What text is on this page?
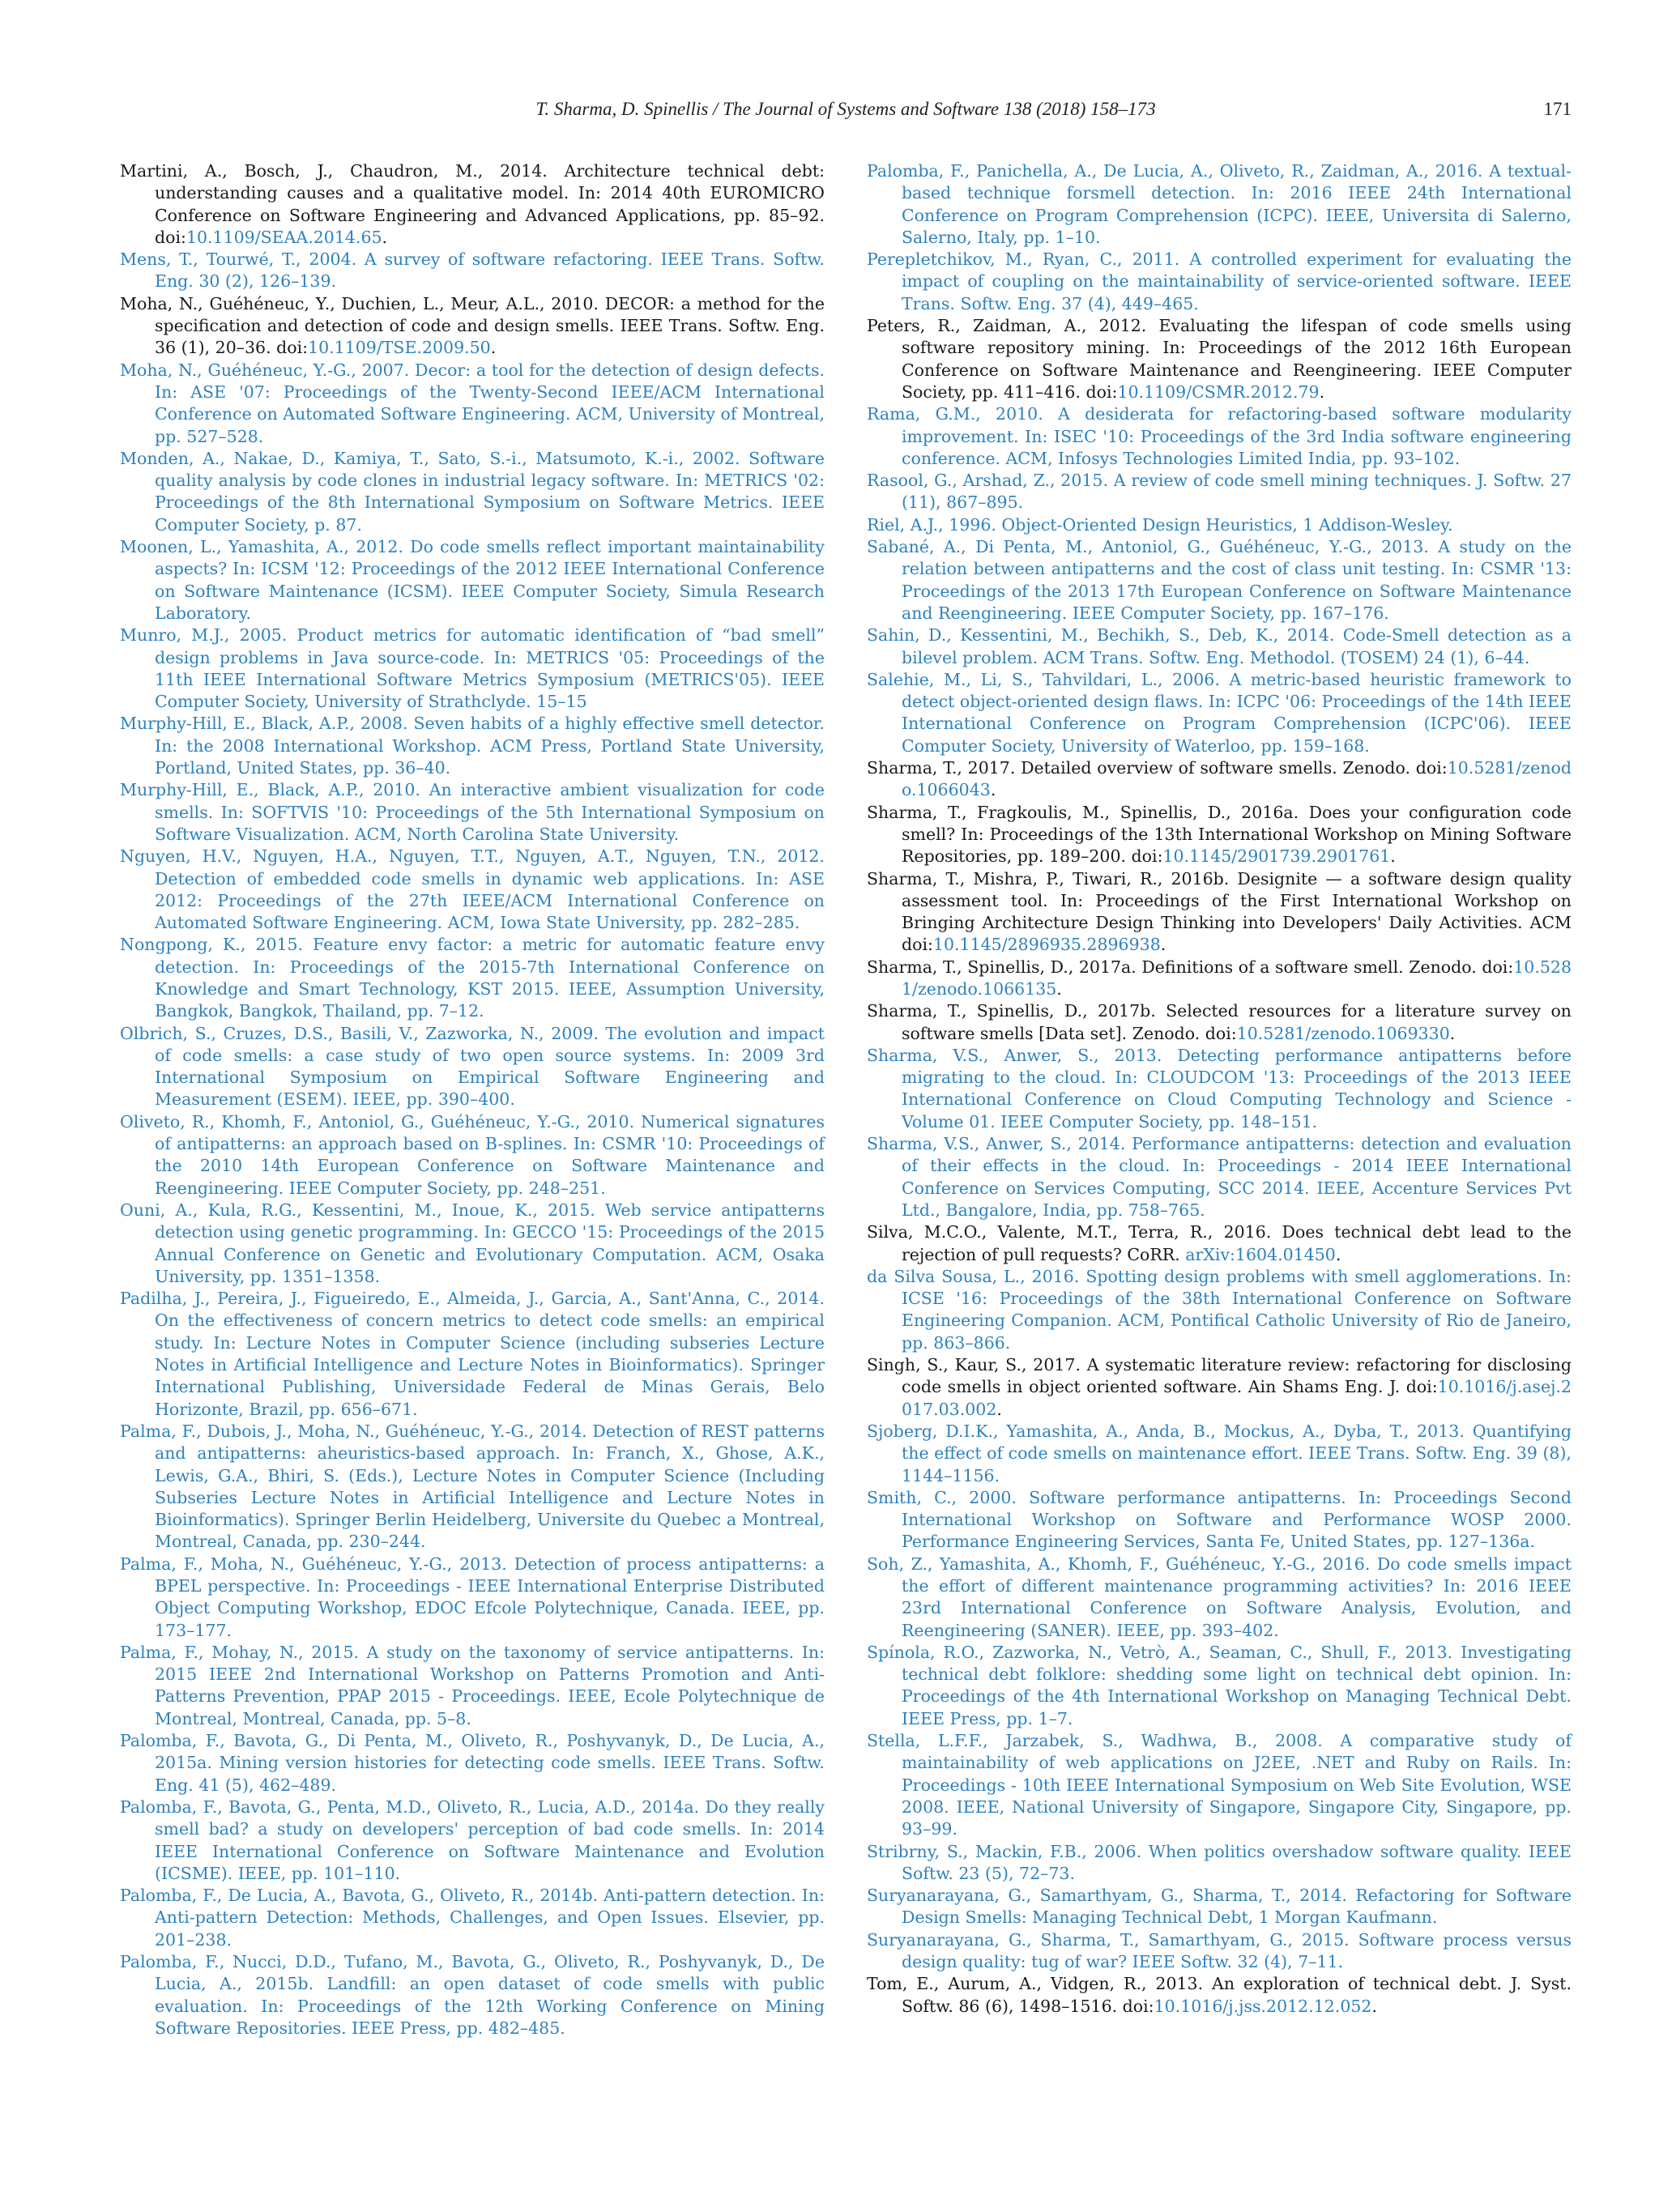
T. Sharma, D. Spinellis / The Journal of Systems and Software 138 (2018) 158–173	171

Martini, A., Bosch, J., Chaudron, M., 2014. Architecture technical debt: understanding causes and a qualitative model. In: 2014 40th EUROMICRO Conference on Software Engineering and Advanced Applications, pp. 85–92. doi:10.1109/SEAA.2014.65.

Mens, T., Tourwé, T., 2004. A survey of software refactoring. IEEE Trans. Softw. Eng. 30 (2), 126–139.

Moha, N., Guéhéneuc, Y., Duchien, L., Meur, A.L., 2010. DECOR: a method for the specification and detection of code and design smells. IEEE Trans. Softw. Eng. 36 (1), 20–36. doi:10.1109/TSE.2009.50.

Moha, N., Guéhéneuc, Y.-G., 2007. Decor: a tool for the detection of design defects. In: ASE '07: Proceedings of the Twenty-Second IEEE/ACM International Conference on Automated Software Engineering. ACM, University of Montreal, pp. 527–528.

Monden, A., Nakae, D., Kamiya, T., Sato, S.-i., Matsumoto, K.-i., 2002. Software quality analysis by code clones in industrial legacy software. In: METRICS '02: Proceedings of the 8th International Symposium on Software Metrics. IEEE Computer Society, p. 87.

Moonen, L., Yamashita, A., 2012. Do code smells reflect important maintainability aspects? In: ICSM '12: Proceedings of the 2012 IEEE International Conference on Software Maintenance (ICSM). IEEE Computer Society, Simula Research Laboratory.

Munro, M.J., 2005. Product metrics for automatic identification of “bad smell” design problems in Java source-code. In: METRICS '05: Proceedings of the 11th IEEE International Software Metrics Symposium (METRICS'05). IEEE Computer Society, University of Strathclyde. 15–15

Murphy-Hill, E., Black, A.P., 2008. Seven habits of a highly effective smell detector. In: the 2008 International Workshop. ACM Press, Portland State University, Portland, United States, pp. 36–40.

Murphy-Hill, E., Black, A.P., 2010. An interactive ambient visualization for code smells. In: SOFTVIS '10: Proceedings of the 5th International Symposium on Software Visualization. ACM, North Carolina State University.

Nguyen, H.V., Nguyen, H.A., Nguyen, T.T., Nguyen, A.T., Nguyen, T.N., 2012. Detection of embedded code smells in dynamic web applications. In: ASE 2012: Proceedings of the 27th IEEE/ACM International Conference on Automated Software Engineering. ACM, Iowa State University, pp. 282–285.

Nongpong, K., 2015. Feature envy factor: a metric for automatic feature envy detection. In: Proceedings of the 2015-7th International Conference on Knowledge and Smart Technology, KST 2015. IEEE, Assumption University, Bangkok, Bangkok, Thailand, pp. 7–12.

Olbrich, S., Cruzes, D.S., Basili, V., Zazworka, N., 2009. The evolution and impact of code smells: a case study of two open source systems. In: 2009 3rd International Symposium on Empirical Software Engineering and Measurement (ESEM). IEEE, pp. 390–400.

Oliveto, R., Khomh, F., Antoniol, G., Guéhéneuc, Y.-G., 2010. Numerical signatures of antipatterns: an approach based on B-splines. In: CSMR '10: Proceedings of the 2010 14th European Conference on Software Maintenance and Reengineering. IEEE Computer Society, pp. 248–251.

Ouni, A., Kula, R.G., Kessentini, M., Inoue, K., 2015. Web service antipatterns detection using genetic programming. In: GECCO '15: Proceedings of the 2015 Annual Conference on Genetic and Evolutionary Computation. ACM, Osaka University, pp. 1351–1358.

Padilha, J., Pereira, J., Figueiredo, E., Almeida, J., Garcia, A., Sant'Anna, C., 2014. On the effectiveness of concern metrics to detect code smells: an empirical study. In: Lecture Notes in Computer Science (including subseries Lecture Notes in Artificial Intelligence and Lecture Notes in Bioinformatics). Springer International Publishing, Universidade Federal de Minas Gerais, Belo Horizonte, Brazil, pp. 656–671.

Palma, F., Dubois, J., Moha, N., Guéhéneuc, Y.-G., 2014. Detection of REST patterns and antipatterns: aheuristics-based approach. In: Franch, X., Ghose, A.K., Lewis, G.A., Bhiri, S. (Eds.), Lecture Notes in Computer Science (Including Subseries Lecture Notes in Artificial Intelligence and Lecture Notes in Bioinformatics). Springer Berlin Heidelberg, Universite du Quebec a Montreal, Montreal, Canada, pp. 230–244.

Palma, F., Moha, N., Guéhéneuc, Y.-G., 2013. Detection of process antipatterns: a BPEL perspective. In: Proceedings - IEEE International Enterprise Distributed Object Computing Workshop, EDOC Efcole Polytechnique, Canada. IEEE, pp. 173–177.

Palma, F., Mohay, N., 2015. A study on the taxonomy of service antipatterns. In: 2015 IEEE 2nd International Workshop on Patterns Promotion and Anti-Patterns Prevention, PPAP 2015 - Proceedings. IEEE, Ecole Polytechnique de Montreal, Montreal, Canada, pp. 5–8.

Palomba, F., Bavota, G., Di Penta, M., Oliveto, R., Poshyvanyk, D., De Lucia, A., 2015a. Mining version histories for detecting code smells. IEEE Trans. Softw. Eng. 41 (5), 462–489.

Palomba, F., Bavota, G., Penta, M.D., Oliveto, R., Lucia, A.D., 2014a. Do they really smell bad? a study on developers' perception of bad code smells. In: 2014 IEEE International Conference on Software Maintenance and Evolution (ICSME). IEEE, pp. 101–110.

Palomba, F., De Lucia, A., Bavota, G., Oliveto, R., 2014b. Anti-pattern detection. In: Anti-pattern Detection: Methods, Challenges, and Open Issues. Elsevier, pp. 201–238.

Palomba, F., Nucci, D.D., Tufano, M., Bavota, G., Oliveto, R., Poshyvanyk, D., De Lucia, A., 2015b. Landfill: an open dataset of code smells with public evaluation. In: Proceedings of the 12th Working Conference on Mining Software Repositories. IEEE Press, pp. 482–485.

Palomba, F., Panichella, A., De Lucia, A., Oliveto, R., Zaidman, A., 2016. A textual-based technique forsmell detection. In: 2016 IEEE 24th International Conference on Program Comprehension (ICPC). IEEE, Universita di Salerno, Salerno, Italy, pp. 1–10.

Perepletchikov, M., Ryan, C., 2011. A controlled experiment for evaluating the impact of coupling on the maintainability of service-oriented software. IEEE Trans. Softw. Eng. 37 (4), 449–465.

Peters, R., Zaidman, A., 2012. Evaluating the lifespan of code smells using software repository mining. In: Proceedings of the 2012 16th European Conference on Software Maintenance and Reengineering. IEEE Computer Society, pp. 411–416. doi:10.1109/CSMR.2012.79.

Rama, G.M., 2010. A desiderata for refactoring-based software modularity improvement. In: ISEC '10: Proceedings of the 3rd India software engineering conference. ACM, Infosys Technologies Limited India, pp. 93–102.

Rasool, G., Arshad, Z., 2015. A review of code smell mining techniques. J. Softw. 27 (11), 867–895.

Riel, A.J., 1996. Object-Oriented Design Heuristics, 1 Addison-Wesley.

Sabané, A., Di Penta, M., Antoniol, G., Guéhéneuc, Y.-G., 2013. A study on the relation between antipatterns and the cost of class unit testing. In: CSMR '13: Proceedings of the 2013 17th European Conference on Software Maintenance and Reengineering. IEEE Computer Society, pp. 167–176.

Sahin, D., Kessentini, M., Bechikh, S., Deb, K., 2014. Code-Smell detection as a bilevel problem. ACM Trans. Softw. Eng. Methodol. (TOSEM) 24 (1), 6–44.

Salehie, M., Li, S., Tahvildari, L., 2006. A metric-based heuristic framework to detect object-oriented design flaws. In: ICPC '06: Proceedings of the 14th IEEE International Conference on Program Comprehension (ICPC'06). IEEE Computer Society, University of Waterloo, pp. 159–168.

Sharma, T., 2017. Detailed overview of software smells. Zenodo. doi:10.5281/zenodo.1066043.

Sharma, T., Fragkoulis, M., Spinellis, D., 2016a. Does your configuration code smell? In: Proceedings of the 13th International Workshop on Mining Software Repositories, pp. 189–200. doi:10.1145/2901739.2901761.

Sharma, T., Mishra, P., Tiwari, R., 2016b. Designite — a software design quality assessment tool. In: Proceedings of the First International Workshop on Bringing Architecture Design Thinking into Developers' Daily Activities. ACM doi:10.1145/2896935.2896938.

Sharma, T., Spinellis, D., 2017a. Definitions of a software smell. Zenodo. doi:10.5281/zenodo.1066135.

Sharma, T., Spinellis, D., 2017b. Selected resources for a literature survey on software smells [Data set]. Zenodo. doi:10.5281/zenodo.1069330.

Sharma, V.S., Anwer, S., 2013. Detecting performance antipatterns before migrating to the cloud. In: CLOUDCOM '13: Proceedings of the 2013 IEEE International Conference on Cloud Computing Technology and Science - Volume 01. IEEE Computer Society, pp. 148–151.

Sharma, V.S., Anwer, S., 2014. Performance antipatterns: detection and evaluation of their effects in the cloud. In: Proceedings - 2014 IEEE International Conference on Services Computing, SCC 2014. IEEE, Accenture Services Pvt Ltd., Bangalore, India, pp. 758–765.

Silva, M.C.O., Valente, M.T., Terra, R., 2016. Does technical debt lead to the rejection of pull requests? CoRR. arXiv:1604.01450.

da Silva Sousa, L., 2016. Spotting design problems with smell agglomerations. In: ICSE '16: Proceedings of the 38th International Conference on Software Engineering Companion. ACM, Pontifical Catholic University of Rio de Janeiro, pp. 863–866.

Singh, S., Kaur, S., 2017. A systematic literature review: refactoring for disclosing code smells in object oriented software. Ain Shams Eng. J. doi:10.1016/j.asej.2017.03.002.

Sjoberg, D.I.K., Yamashita, A., Anda, B., Mockus, A., Dyba, T., 2013. Quantifying the effect of code smells on maintenance effort. IEEE Trans. Softw. Eng. 39 (8), 1144–1156.

Smith, C., 2000. Software performance antipatterns. In: Proceedings Second International Workshop on Software and Performance WOSP 2000. Performance Engineering Services, Santa Fe, United States, pp. 127–136a.

Soh, Z., Yamashita, A., Khomh, F., Guéhéneuc, Y.-G., 2016. Do code smells impact the effort of different maintenance programming activities? In: 2016 IEEE 23rd International Conference on Software Analysis, Evolution, and Reengineering (SANER). IEEE, pp. 393–402.

Spínola, R.O., Zazworka, N., Vetrò, A., Seaman, C., Shull, F., 2013. Investigating technical debt folklore: shedding some light on technical debt opinion. In: Proceedings of the 4th International Workshop on Managing Technical Debt. IEEE Press, pp. 1–7.

Stella, L.F.F., Jarzabek, S., Wadhwa, B., 2008. A comparative study of maintainability of web applications on J2EE, .NET and Ruby on Rails. In: Proceedings - 10th IEEE International Symposium on Web Site Evolution, WSE 2008. IEEE, National University of Singapore, Singapore City, Singapore, pp. 93–99.

Stribrny, S., Mackin, F.B., 2006. When politics overshadow software quality. IEEE Softw. 23 (5), 72–73.

Suryanarayana, G., Samarthyam, G., Sharma, T., 2014. Refactoring for Software Design Smells: Managing Technical Debt, 1 Morgan Kaufmann.

Suryanarayana, G., Sharma, T., Samarthyam, G., 2015. Software process versus design quality: tug of war? IEEE Softw. 32 (4), 7–11.

Tom, E., Aurum, A., Vidgen, R., 2013. An exploration of technical debt. J. Syst. Softw. 86 (6), 1498–1516. doi:10.1016/j.jss.2012.12.052.
